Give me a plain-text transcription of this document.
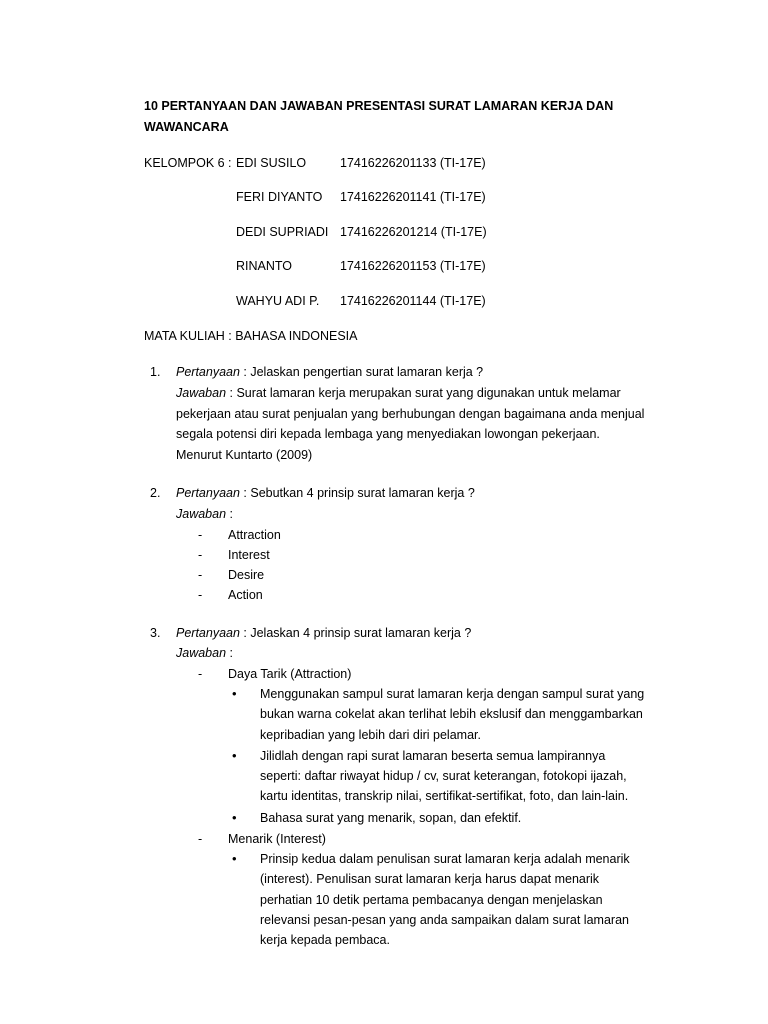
10 PERTANYAAN DAN JAWABAN PRESENTASI SURAT LAMARAN KERJA DAN WAWANCARA
KELOMPOK 6 : EDI SUSILO	17416226201133 (TI-17E)
FERI DIYANTO	17416226201141 (TI-17E)
DEDI SUPRIADI 17416226201214 (TI-17E)
RINANTO	17416226201153 (TI-17E)
WAHYU ADI P.	17416226201144 (TI-17E)
MATA KULIAH : BAHASA INDONESIA
1. Pertanyaan : Jelaskan pengertian surat lamaran kerja ?
Jawaban : Surat lamaran kerja merupakan surat yang digunakan untuk melamar pekerjaan atau surat penjualan yang berhubungan dengan bagaimana anda menjual segala potensi diri kepada lembaga yang menyediakan lowongan pekerjaan. Menurut Kuntarto (2009)
2. Pertanyaan : Sebutkan 4 prinsip surat lamaran kerja ?
Jawaban :
- Attraction
- Interest
- Desire
- Action
3. Pertanyaan : Jelaskan 4 prinsip surat lamaran kerja ?
Jawaban :
- Daya Tarik (Attraction)
• Menggunakan sampul surat lamaran kerja dengan sampul surat yang bukan warna cokelat akan terlihat lebih ekslusif dan menggambarkan kepribadian yang lebih dari diri pelamar.
• Jilidlah dengan rapi surat lamaran beserta semua lampirannya seperti: daftar riwayat hidup / cv, surat keterangan, fotokopi ijazah, kartu identitas, transkrip nilai, sertifikat-sertifikat, foto, dan lain-lain.
• Bahasa surat yang menarik, sopan, dan efektif.
- Menarik (Interest)
• Prinsip kedua dalam penulisan surat lamaran kerja adalah menarik (interest). Penulisan surat lamaran kerja harus dapat menarik perhatian 10 detik pertama pembacanya dengan menjelaskan relevansi pesan-pesan yang anda sampaikan dalam surat lamaran kerja kepada pembaca.
